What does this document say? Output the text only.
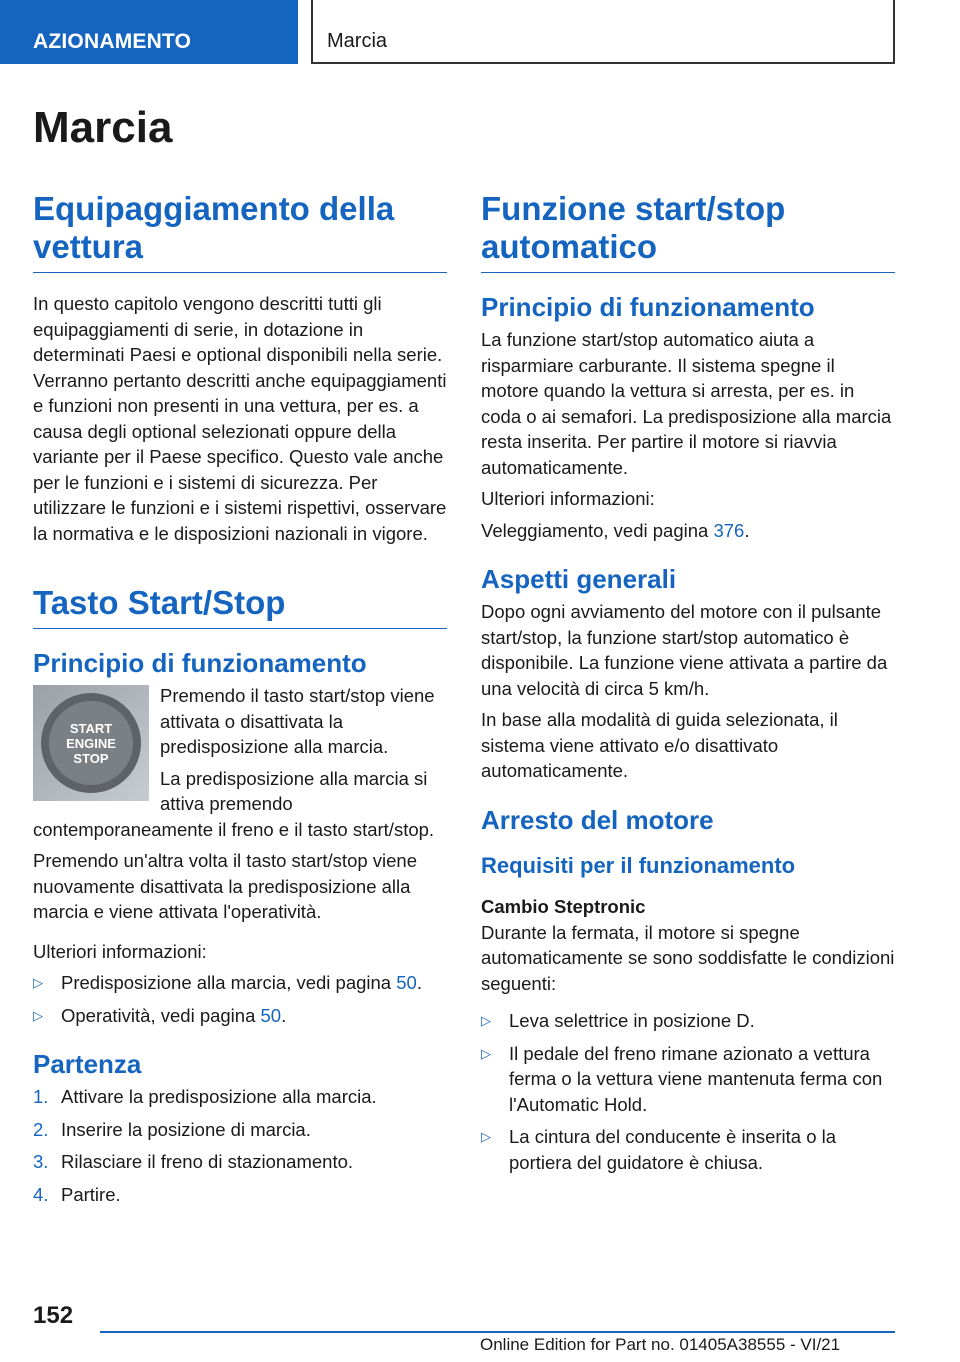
AZIONAMENTO	Marcia
Marcia
Equipaggiamento della vettura

In questo capitolo vengono descritti tutti gli equipaggiamenti di serie, in dotazione in determinati Paesi e optional disponibili nella serie. Verranno pertanto descritti anche equipaggiamenti e funzioni non presenti in una vettura, per es. a causa degli optional selezionati oppure della variante per il Paese specifico. Questo vale anche per le funzioni e i sistemi di sicurezza. Per utilizzare le funzioni e i sistemi rispettivi, osservare la normativa e le disposizioni nazionali in vigore.

Tasto Start/Stop
Principio di funzionamento
START
ENGINE
STOP

Premendo il tasto start/stop viene attivata o disattivata la predisposizione alla marcia.

La predisposizione alla marcia si attiva premendo contemporaneamente il freno e il tasto start/stop.

Premendo un'altra volta il tasto start/stop viene nuovamente disattivata la predisposizione alla marcia e viene attivata l'operatività.

Ulteriori informazioni:

▷ Predisposizione alla marcia, vedi pagina 50.
▷ Operatività, vedi pagina 50.
Partenza
1. Attivare la predisposizione alla marcia.
2. Inserire la posizione di marcia.
3. Rilasciare il freno di stazionamento.
4. Partire.
Funzione start/stop automatico
Principio di funzionamento

La funzione start/stop automatico aiuta a risparmiare carburante. Il sistema spegne il motore quando la vettura si arresta, per es. in coda o ai semafori. La predisposizione alla marcia resta inserita. Per partire il motore si riavvia automaticamente.

Ulteriori informazioni:

Veleggiamento, vedi pagina 376.

Aspetti generali

Dopo ogni avviamento del motore con il pulsante start/stop, la funzione start/stop automatico è disponibile. La funzione viene attivata a partire da una velocità di circa 5 km/h.

In base alla modalità di guida selezionata, il sistema viene attivato e/o disattivato automaticamente.

Arresto del motore
Requisiti per il funzionamento
Cambio Steptronic

Durante la fermata, il motore si spegne automaticamente se sono soddisfatte le condizioni seguenti:

▷ Leva selettrice in posizione D.
▷ Il pedale del freno rimane azionato a vettura ferma o la vettura viene mantenuta ferma con l'Automatic Hold.
▷ La cintura del conducente è inserita o la portiera del guidatore è chiusa.
152
Online Edition for Part no. 01405A38555 - VI/21
